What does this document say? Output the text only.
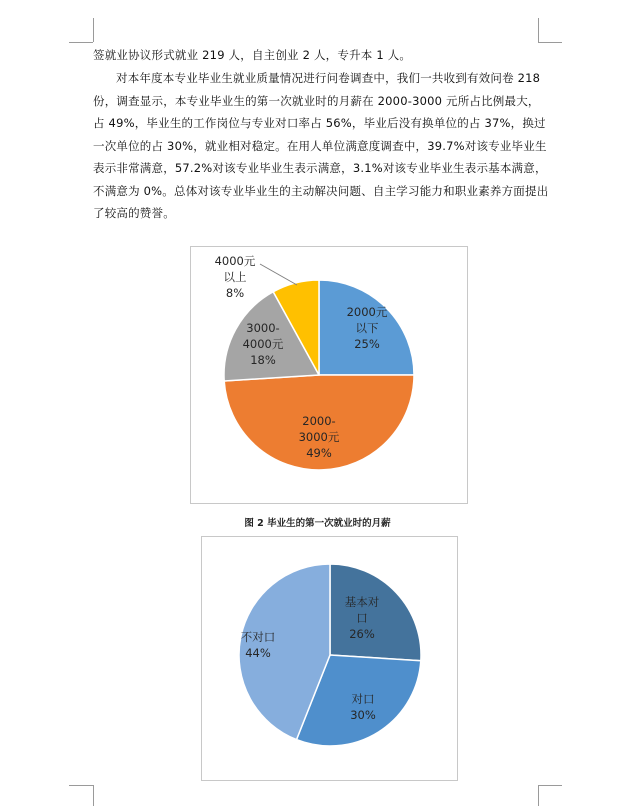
签就业协议形式就业 219 人，自主创业 2 人，专升本 1 人。

对本年度本专业毕业生就业质量情况进行问卷调查中，我们一共收到有效问卷 218 份，调查显示，本专业毕业生的第一次就业时的月薪在 2000-3000 元所占比例最大，占 49%，毕业生的工作岗位与专业对口率占 56%，毕业后没有换单位的占 37%，换过一次单位的占 30%，就业相对稳定。在用人单位满意度调查中，39.7%对该专业毕业生表示非常满意，57.2%对该专业毕业生表示满意，3.1%对该专业毕业生表示基本满意，不满意为 0%。总体对该专业毕业生的主动解决问题、自主学习能力和职业素养方面提出了较高的赞誉。

2000元以下 25%
2000-3000元 49%
3000-4000元 18%
4000元以上 8%
图 2 毕业生的第一次就业时的月薪
基本对口 26%
对口 30%
不对口 44%
